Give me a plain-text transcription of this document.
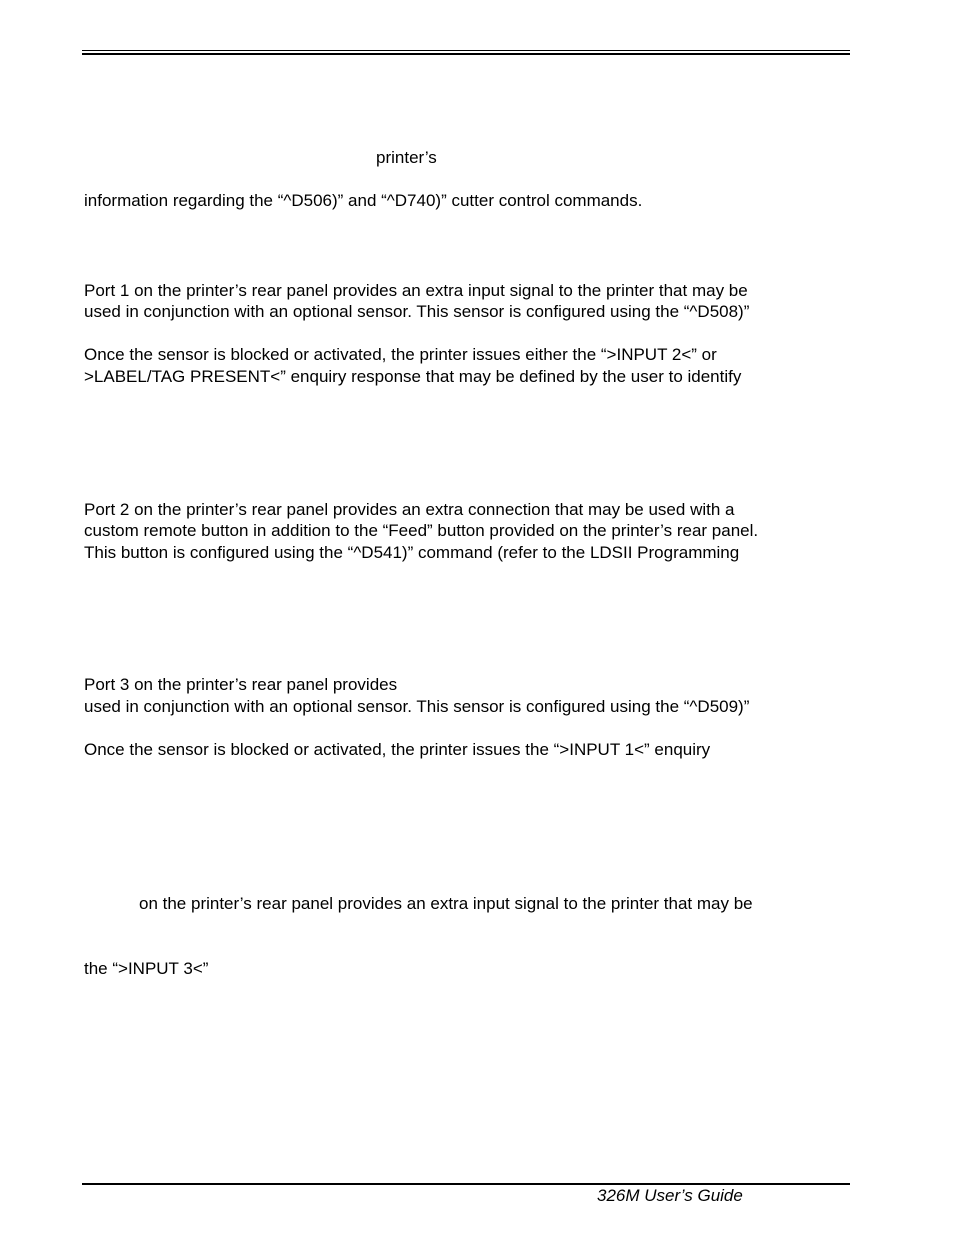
printer’s
information regarding the “^D506)” and “^D740)” cutter control commands.
Port 1 on the printer’s rear panel provides an extra input signal to the printer that may be
used in conjunction with an optional sensor. This sensor is configured using the “^D508)”
Once the sensor is blocked or activated, the printer issues either the “>INPUT 2<” or
>LABEL/TAG PRESENT<” enquiry response that may be defined by the user to identify
Port 2 on the printer’s rear panel provides an extra connection that may be used with a
custom remote button in addition to the “Feed” button provided on the printer’s rear panel.
This button is configured using the “^D541)” command (refer to the LDSII Programming
Port 3 on the printer’s rear panel provides
used in conjunction with an optional sensor. This sensor is configured using the “^D509)”
Once the sensor is blocked or activated, the printer issues the “>INPUT 1<” enquiry
on the printer’s rear panel provides an extra input signal to the printer that may be
the “>INPUT 3<”
326M User’s Guide
